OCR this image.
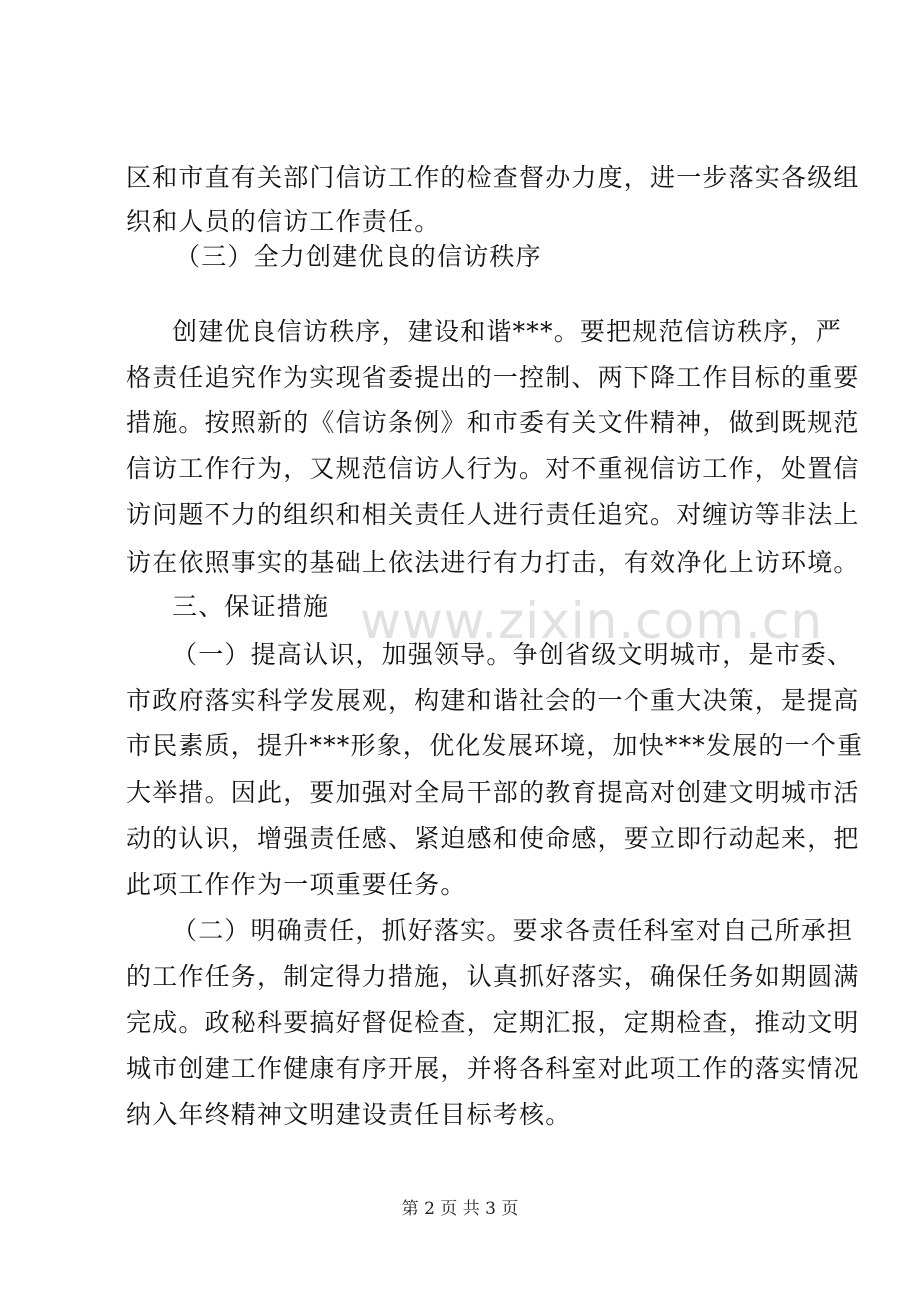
区和市直有关部门信访工作的检查督办力度，进一步落实各级组
织和人员的信访工作责任。
（三）全力创建优良的信访秩序
创建优良信访秩序，建设和谐***。要把规范信访秩序，严
格责任追究作为实现省委提出的一控制、两下降工作目标的重要
措施。按照新的《信访条例》和市委有关文件精神，做到既规范
信访工作行为，又规范信访人行为。对不重视信访工作，处置信
访问题不力的组织和相关责任人进行责任追究。对缠访等非法上
访在依照事实的基础上依法进行有力打击，有效净化上访环境。
三、保证措施
（一）提高认识，加强领导。争创省级文明城市，是市委、
市政府落实科学发展观，构建和谐社会的一个重大决策，是提高
市民素质，提升***形象，优化发展环境，加快***发展的一个重
大举措。因此，要加强对全局干部的教育提高对创建文明城市活
动的认识，增强责任感、紧迫感和使命感，要立即行动起来，把
此项工作作为一项重要任务。
（二）明确责任，抓好落实。要求各责任科室对自己所承担
的工作任务，制定得力措施，认真抓好落实，确保任务如期圆满
完成。政秘科要搞好督促检查，定期汇报，定期检查，推动文明
城市创建工作健康有序开展，并将各科室对此项工作的落实情况
纳入年终精神文明建设责任目标考核。
www.zixin.com.cn
第 2 页 共 3 页
